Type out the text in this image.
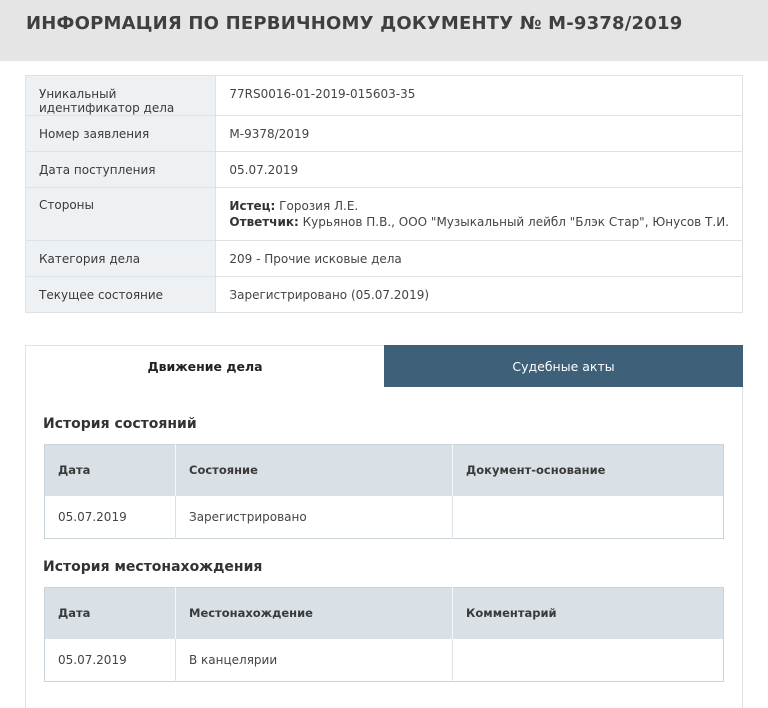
ИНФОРМАЦИЯ ПО ПЕРВИЧНОМУ ДОКУМЕНТУ № М-9378/2019
Уникальный идентификатор дела	77RS0016-01-2019-015603-35
Номер заявления	М-9378/2019
Дата поступления	05.07.2019
Стороны	Истец: Горозия Л.Е.
Ответчик: Курьянов П.В., ООО "Музыкальный лейбл "Блэк Стар", Юнусов Т.И.

Категория дела	209 - Прочие исковые дела
Текущее состояние	Зарегистрировано (05.07.2019)
Движение дела	Судебные акты
История состояний
Дата	Состояние	Документ-основание
05.07.2019	Зарегистрировано	
История местонахождения
Дата	Местонахождение	Комментарий
05.07.2019	В канцелярии	
